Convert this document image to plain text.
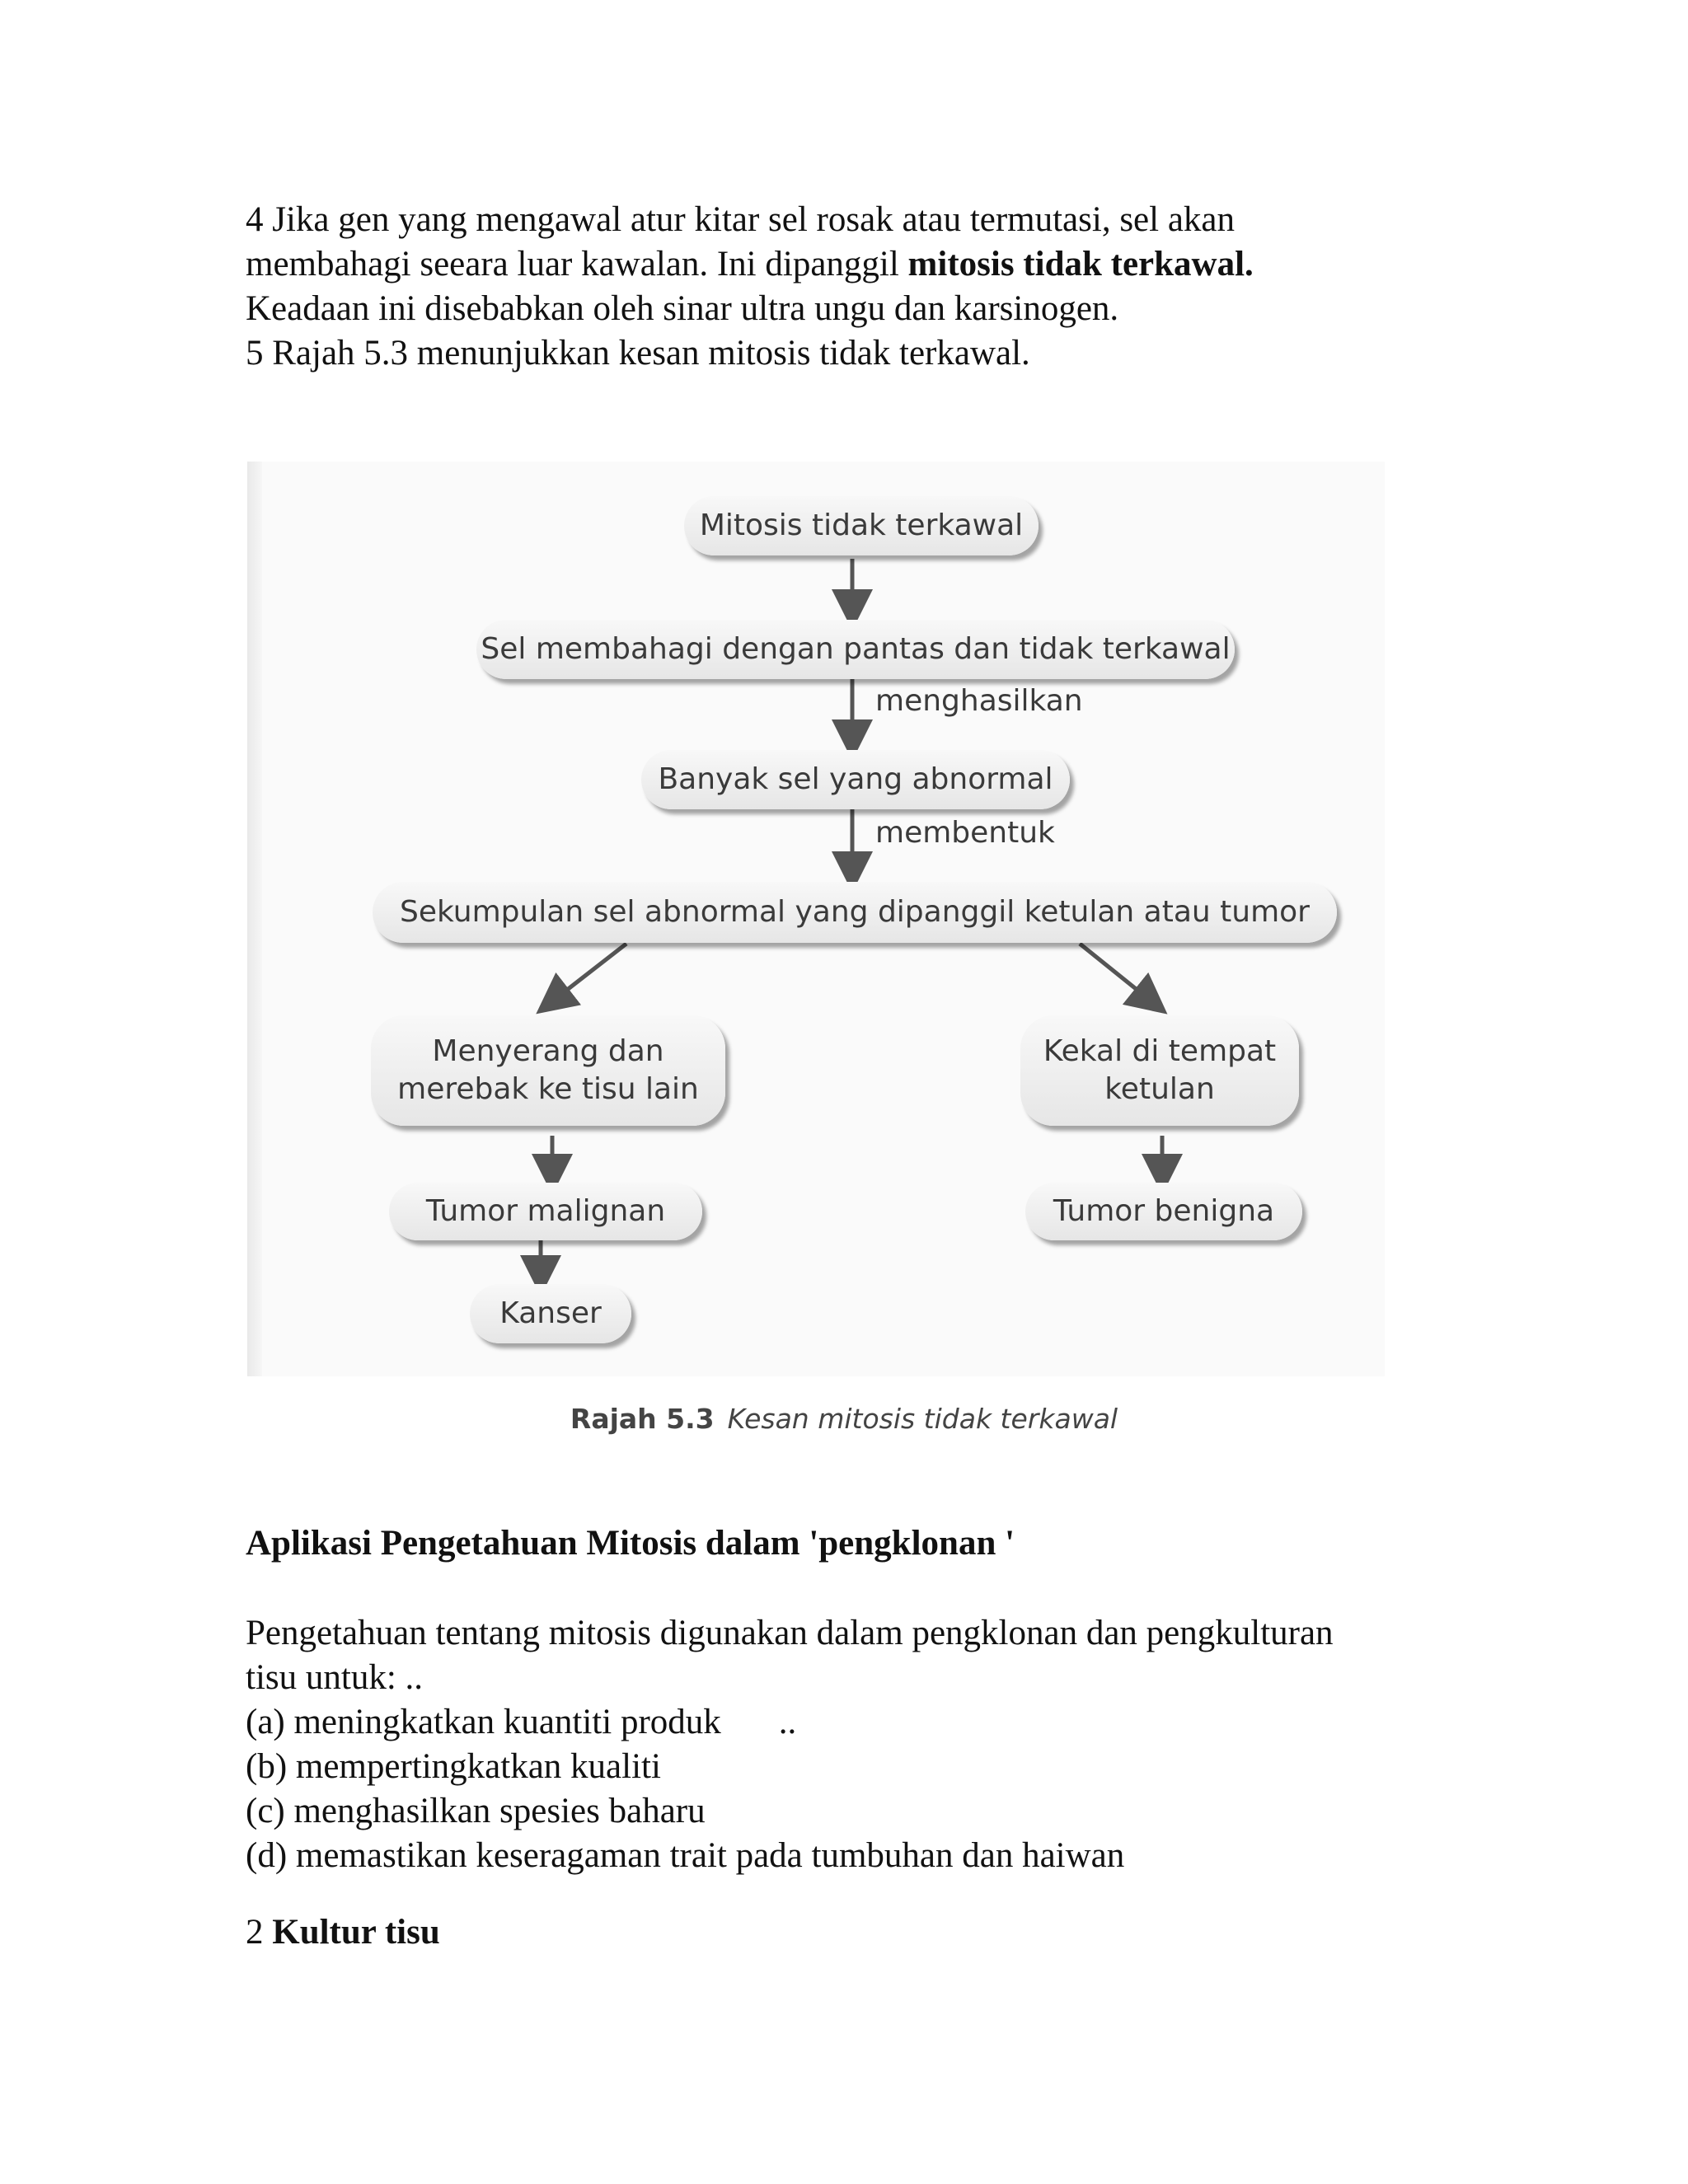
4 Jika gen yang mengawal atur kitar sel rosak atau termutasi, sel akan

membahagi seeara luar kawalan. Ini dipanggil mitosis tidak terkawal.

Keadaan ini disebabkan oleh sinar ultra ungu dan karsinogen.

5 Rajah 5.3 menunjukkan kesan mitosis tidak terkawal.

Mitosis tidak terkawal
Sel membahagi dengan pantas dan tidak terkawal
menghasilkan
Banyak sel yang abnormal
membentuk
Sekumpulan sel abnormal yang dipanggil ketulan atau tumor
Menyerang dan
merebak ke tisu lain
Kekal di tempat
ketulan
Tumor malignan	Tumor benigna
Kanser
Rajah 5.3 Kesan mitosis tidak terkawal
Aplikasi Pengetahuan Mitosis dalam 'pengklonan '

Pengetahuan tentang mitosis digunakan dalam pengklonan dan pengkulturan

tisu untuk: ..

(a) meningkatkan kuantiti produk ..

(b) mempertingkatkan kualiti

(c) menghasilkan spesies baharu

(d) memastikan keseragaman trait pada tumbuhan dan haiwan

2 Kultur tisu
